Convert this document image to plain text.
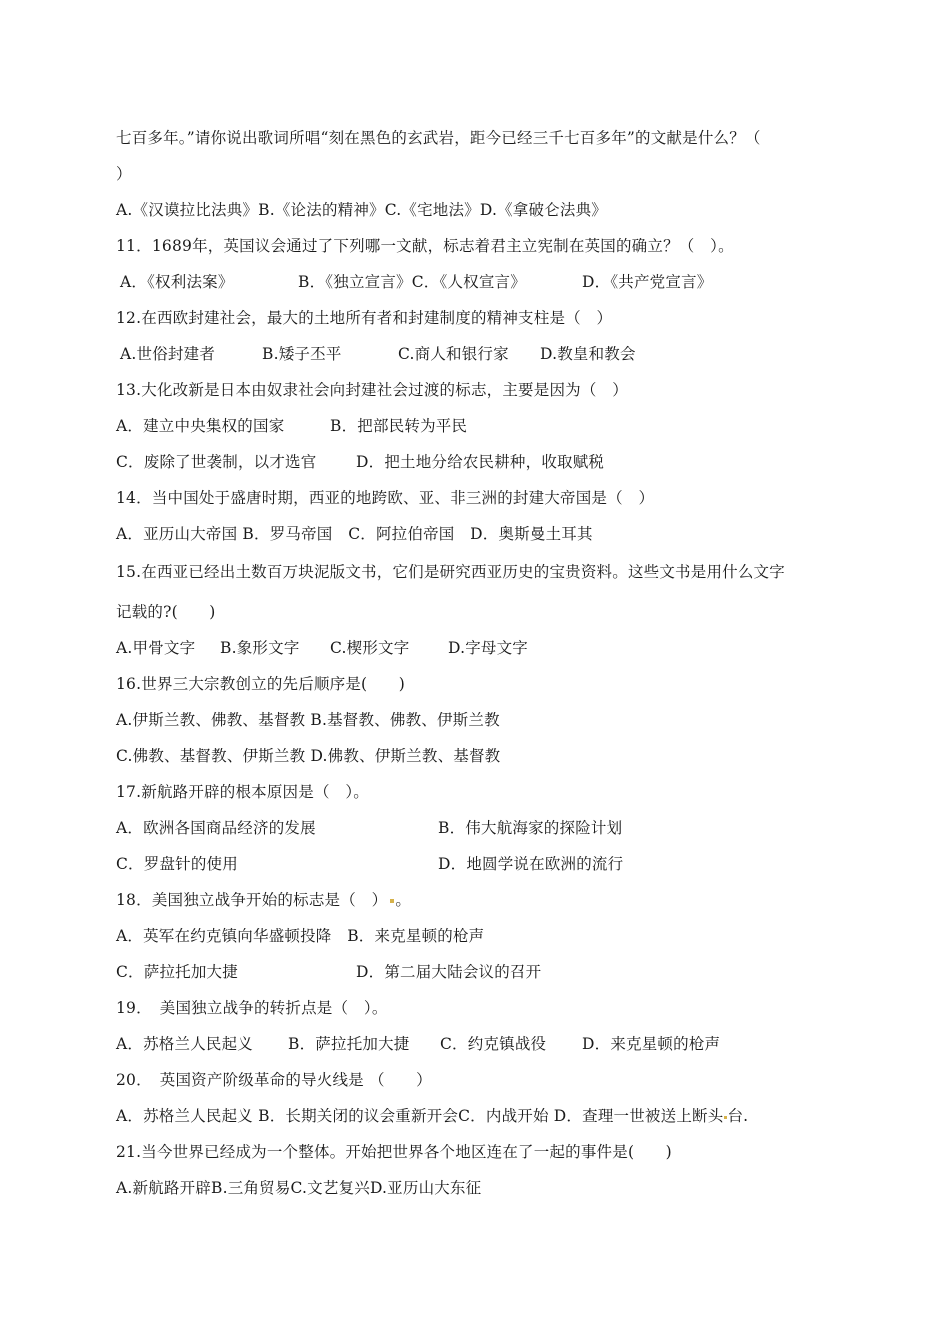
七百多年。”请你说出歌词所唱“刻在黑色的玄武岩，距今已经三千七百多年”的文献是什么？（
）
A.《汉谟拉比法典》B.《论法的精神》C.《宅地法》D.《拿破仑法典》
11．1689年，英国议会通过了下列哪一文献，标志着君主立宪制在英国的确立？（　）。
A．《权利法案》	B．《独立宣言》C．《人权宣言》	D．《共产党宣言》
12.在西欧封建社会，最大的土地所有者和封建制度的精神支柱是（　）
A.世俗封建者	B.矮子丕平	C.商人和银行家 D.教皇和教会
13.大化改新是日本由奴隶社会向封建社会过渡的标志，主要是因为（　）
A．建立中央集权的国家	B．把部民转为平民
C．废除了世袭制，以才选官	D．把土地分给农民耕种，收取赋税
14．当中国处于盛唐时期，西亚的地跨欧、亚、非三洲的封建大帝国是（　）
A．亚历山大帝国 B．罗马帝国　C．阿拉伯帝国　D．奥斯曼土耳其
15.在西亚已经出土数百万块泥版文书，它们是研究西亚历史的宝贵资料。这些文书是用什么文字
记载的?(　　)
A.甲骨文字 B.象形文字 C.楔形文字 D.字母文字
16.世界三大宗教创立的先后顺序是(　　)
A.伊斯兰教、佛教、基督教 B.基督教、佛教、伊斯兰教
C.佛教、基督教、伊斯兰教 D.佛教、伊斯兰教、基督教
17.新航路开辟的根本原因是（　）。
A．欧洲各国商品经济的发展	B．伟大航海家的探险计划
C．罗盘针的使用	D．地圆学说在欧洲的流行
18．美国独立战争开始的标志是（　） 。
A．英军在约克镇向华盛顿投降　B．来克星顿的枪声
C．萨拉托加大捷	D．第二届大陆会议的召开
19．　美国独立战争的转折点是（　）。
A．苏格兰人民起义 B．萨拉托加大捷 C．约克镇战役 D．来克星顿的枪声
20．　英国资产阶级革命的导火线是 （　　）
A．苏格兰人民起义 B．长期关闭的议会重新开会C．内战开始 D．查理一世被送上断头 台.
21.当今世界已经成为一个整体。开始把世界各个地区连在了一起的事件是(　　)
A.新航路开辟B.三角贸易C.文艺复兴D.亚历山大东征
